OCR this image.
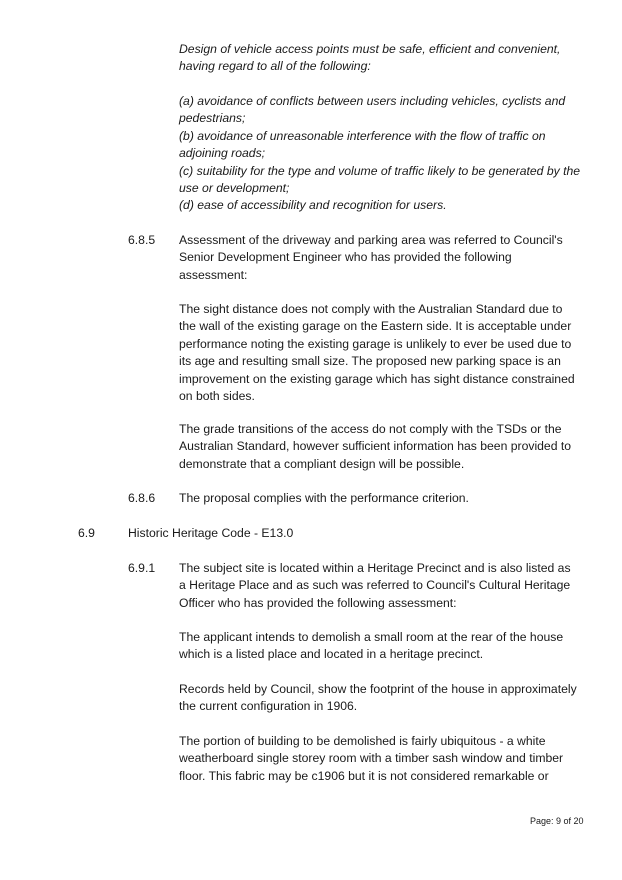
Design of vehicle access points must be safe, efficient and convenient, having regard to all of the following:

(a) avoidance of conflicts between users including vehicles, cyclists and pedestrians;

(b) avoidance of unreasonable interference with the flow of traffic on adjoining roads;

(c) suitability for the type and volume of traffic likely to be generated by the use or development;

(d) ease of accessibility and recognition for users.

6.8.5	Assessment of the driveway and parking area was referred to Council's Senior Development Engineer who has provided the following assessment:
The sight distance does not comply with the Australian Standard due to the wall of the existing garage on the Eastern side. It is acceptable under performance noting the existing garage is unlikely to ever be used due to its age and resulting small size. The proposed new parking space is an improvement on the existing garage which has sight distance constrained on both sides.
The grade transitions of the access do not comply with the TSDs or the Australian Standard, however sufficient information has been provided to demonstrate that a compliant design will be possible.
6.8.6	The proposal complies with the performance criterion.
6.9	Historic Heritage Code - E13.0
6.9.1	The subject site is located within a Heritage Precinct and is also listed as a Heritage Place and as such was referred to Council's Cultural Heritage Officer who has provided the following assessment:
The applicant intends to demolish a small room at the rear of the house which is a listed place and located in a heritage precinct.
Records held by Council, show the footprint of the house in approximately the current configuration in 1906.
The portion of building to be demolished is fairly ubiquitous - a white weatherboard single storey room with a timber sash window and timber floor. This fabric may be c1906 but it is not considered remarkable or
Page: 9 of 20
